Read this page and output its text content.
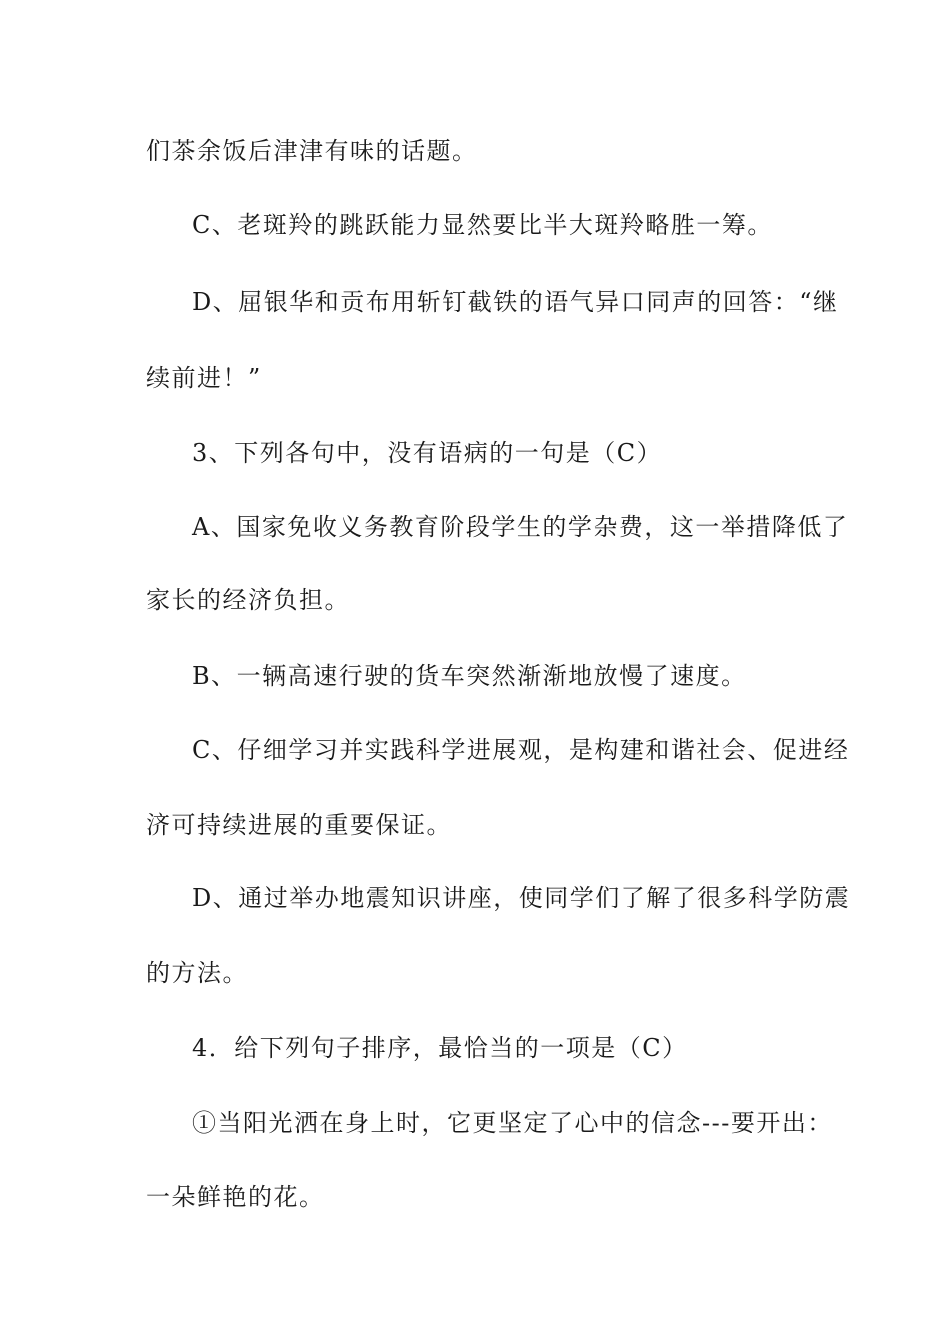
们茶余饭后津津有味的话题。
C、老斑羚的跳跃能力显然要比半大斑羚略胜一筹。
D、屈银华和贡布用斩钉截铁的语气异口同声的回答：“继
续前进！”
3、下列各句中，没有语病的一句是（C）
A、国家免收义务教育阶段学生的学杂费，这一举措降低了
家长的经济负担。
B、一辆高速行驶的货车突然渐渐地放慢了速度。
C、仔细学习并实践科学进展观，是构建和谐社会、促进经
济可持续进展的重要保证。
D、通过举办地震知识讲座，使同学们了解了很多科学防震
的方法。
4．给下列句子排序，最恰当的一项是（C）
①当阳光洒在身上时，它更坚定了心中的信念---要开出：
一朵鲜艳的花。
